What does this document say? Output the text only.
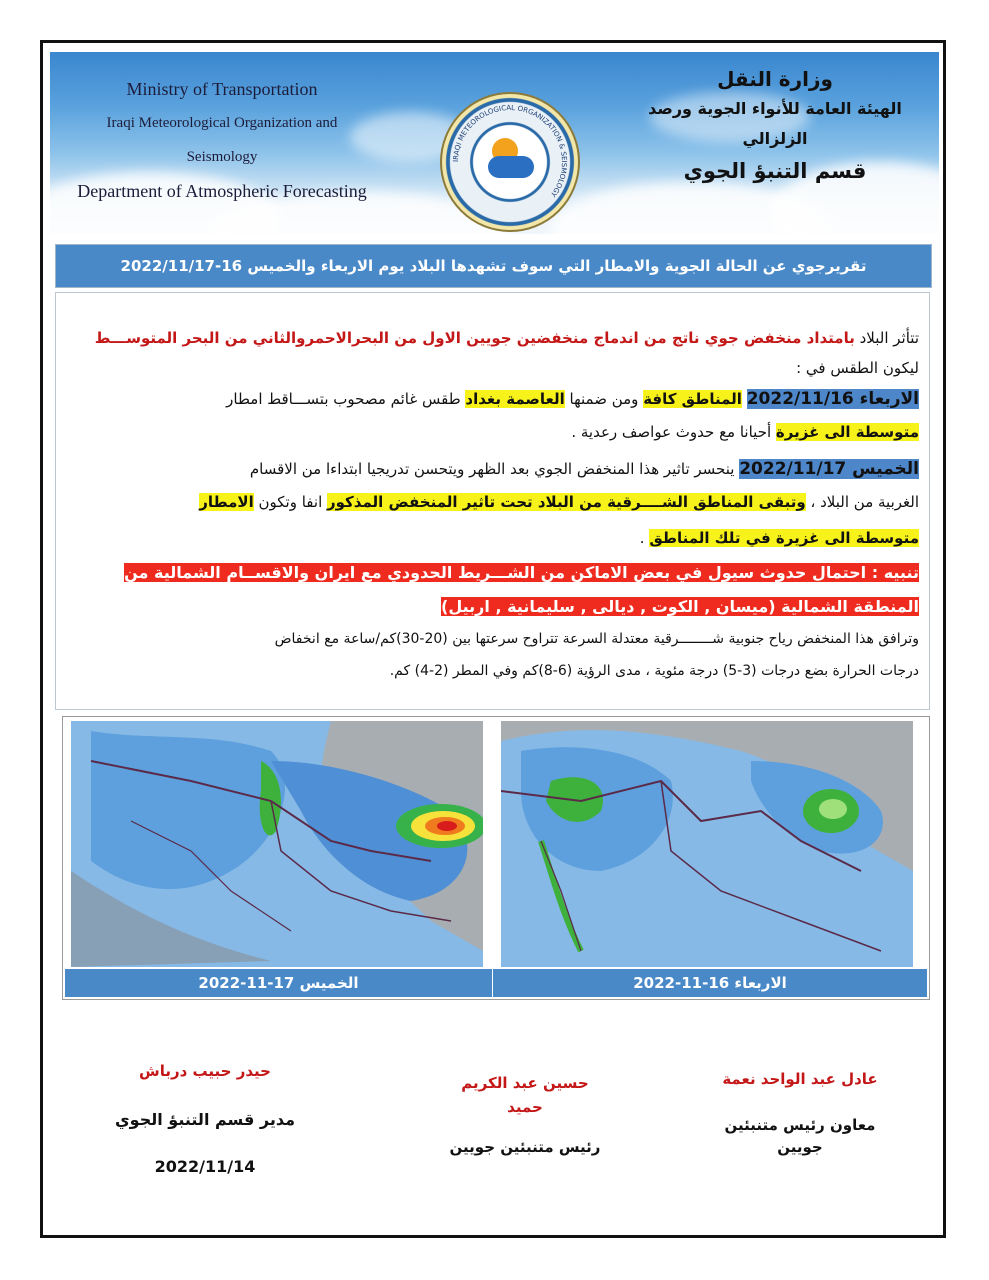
Ministry of Transportation
Iraqi Meteorological Organization and Seismology
Department of Atmospheric Forecasting
IRAQI METEOROLOGICAL ORGANIZATION & SEISMOLOGY
وزارة النقل
الهيئة العامة للأنواء الجوية ورصد الزلزالي
قسم التنبؤ الجوي
تقريرجوي عن الحالة الجوية والامطار التي سوف تشهدها البلاد يوم الاربعاء والخميس 16-2022/11/17
تتأثر البلاد بامتداد منخفض جوي ناتج من اندماج منخفضين جويين الاول من البحرالاحمروالثاني من البحر المتوســـط
ليكون الطقس في :
الاربعاء 2022/11/16 المناطق كافة ومن ضمنها العاصمة بغداد طقس غائم مصحوب بتســـاقط امطار
متوسطة الى غزيرة أحيانا مع حدوث عواصف رعدية .
الخميس 2022/11/17 ينحسر تاثير هذا المنخفض الجوي بعد الظهر ويتحسن تدريجيا ابتداءا من الاقسام
الغربية من البلاد ، وتبقى المناطق الشــــرقية من البلاد تحت تاثير المنخفض المذكور انفا وتكون الامطار
متوسطة الى غزيرة في تلك المناطق .
تنبيه : احتمال حدوث سيول في بعض الاماكن من الشـــريط الحدودي مع ايران والاقســام الشمالية من
المنطقة الشمالية (ميسان , الكوت , ديالى , سليمانية , اربيل)
وترافق هذا المنخفض رياح جنوبية شــــــــرقية معتدلة السرعة تتراوح سرعتها بين (20-30)كم/ساعة مع انخفاض
درجات الحرارة بضع درجات (3-5) درجة مئوية ، مدى الرؤية (6-8)كم وفي المطر (2-4) كم.
الخميس 17-11-2022	الاربعاء 16-11-2022
حيدر حبيب درباش
مدير قسم التنبؤ الجوي
2022/11/14
حسين عبد الكريم
حميد
رئيس متنبئين جويين
عادل عبد الواحد نعمة
معاون رئيس متنبئين
جويين
